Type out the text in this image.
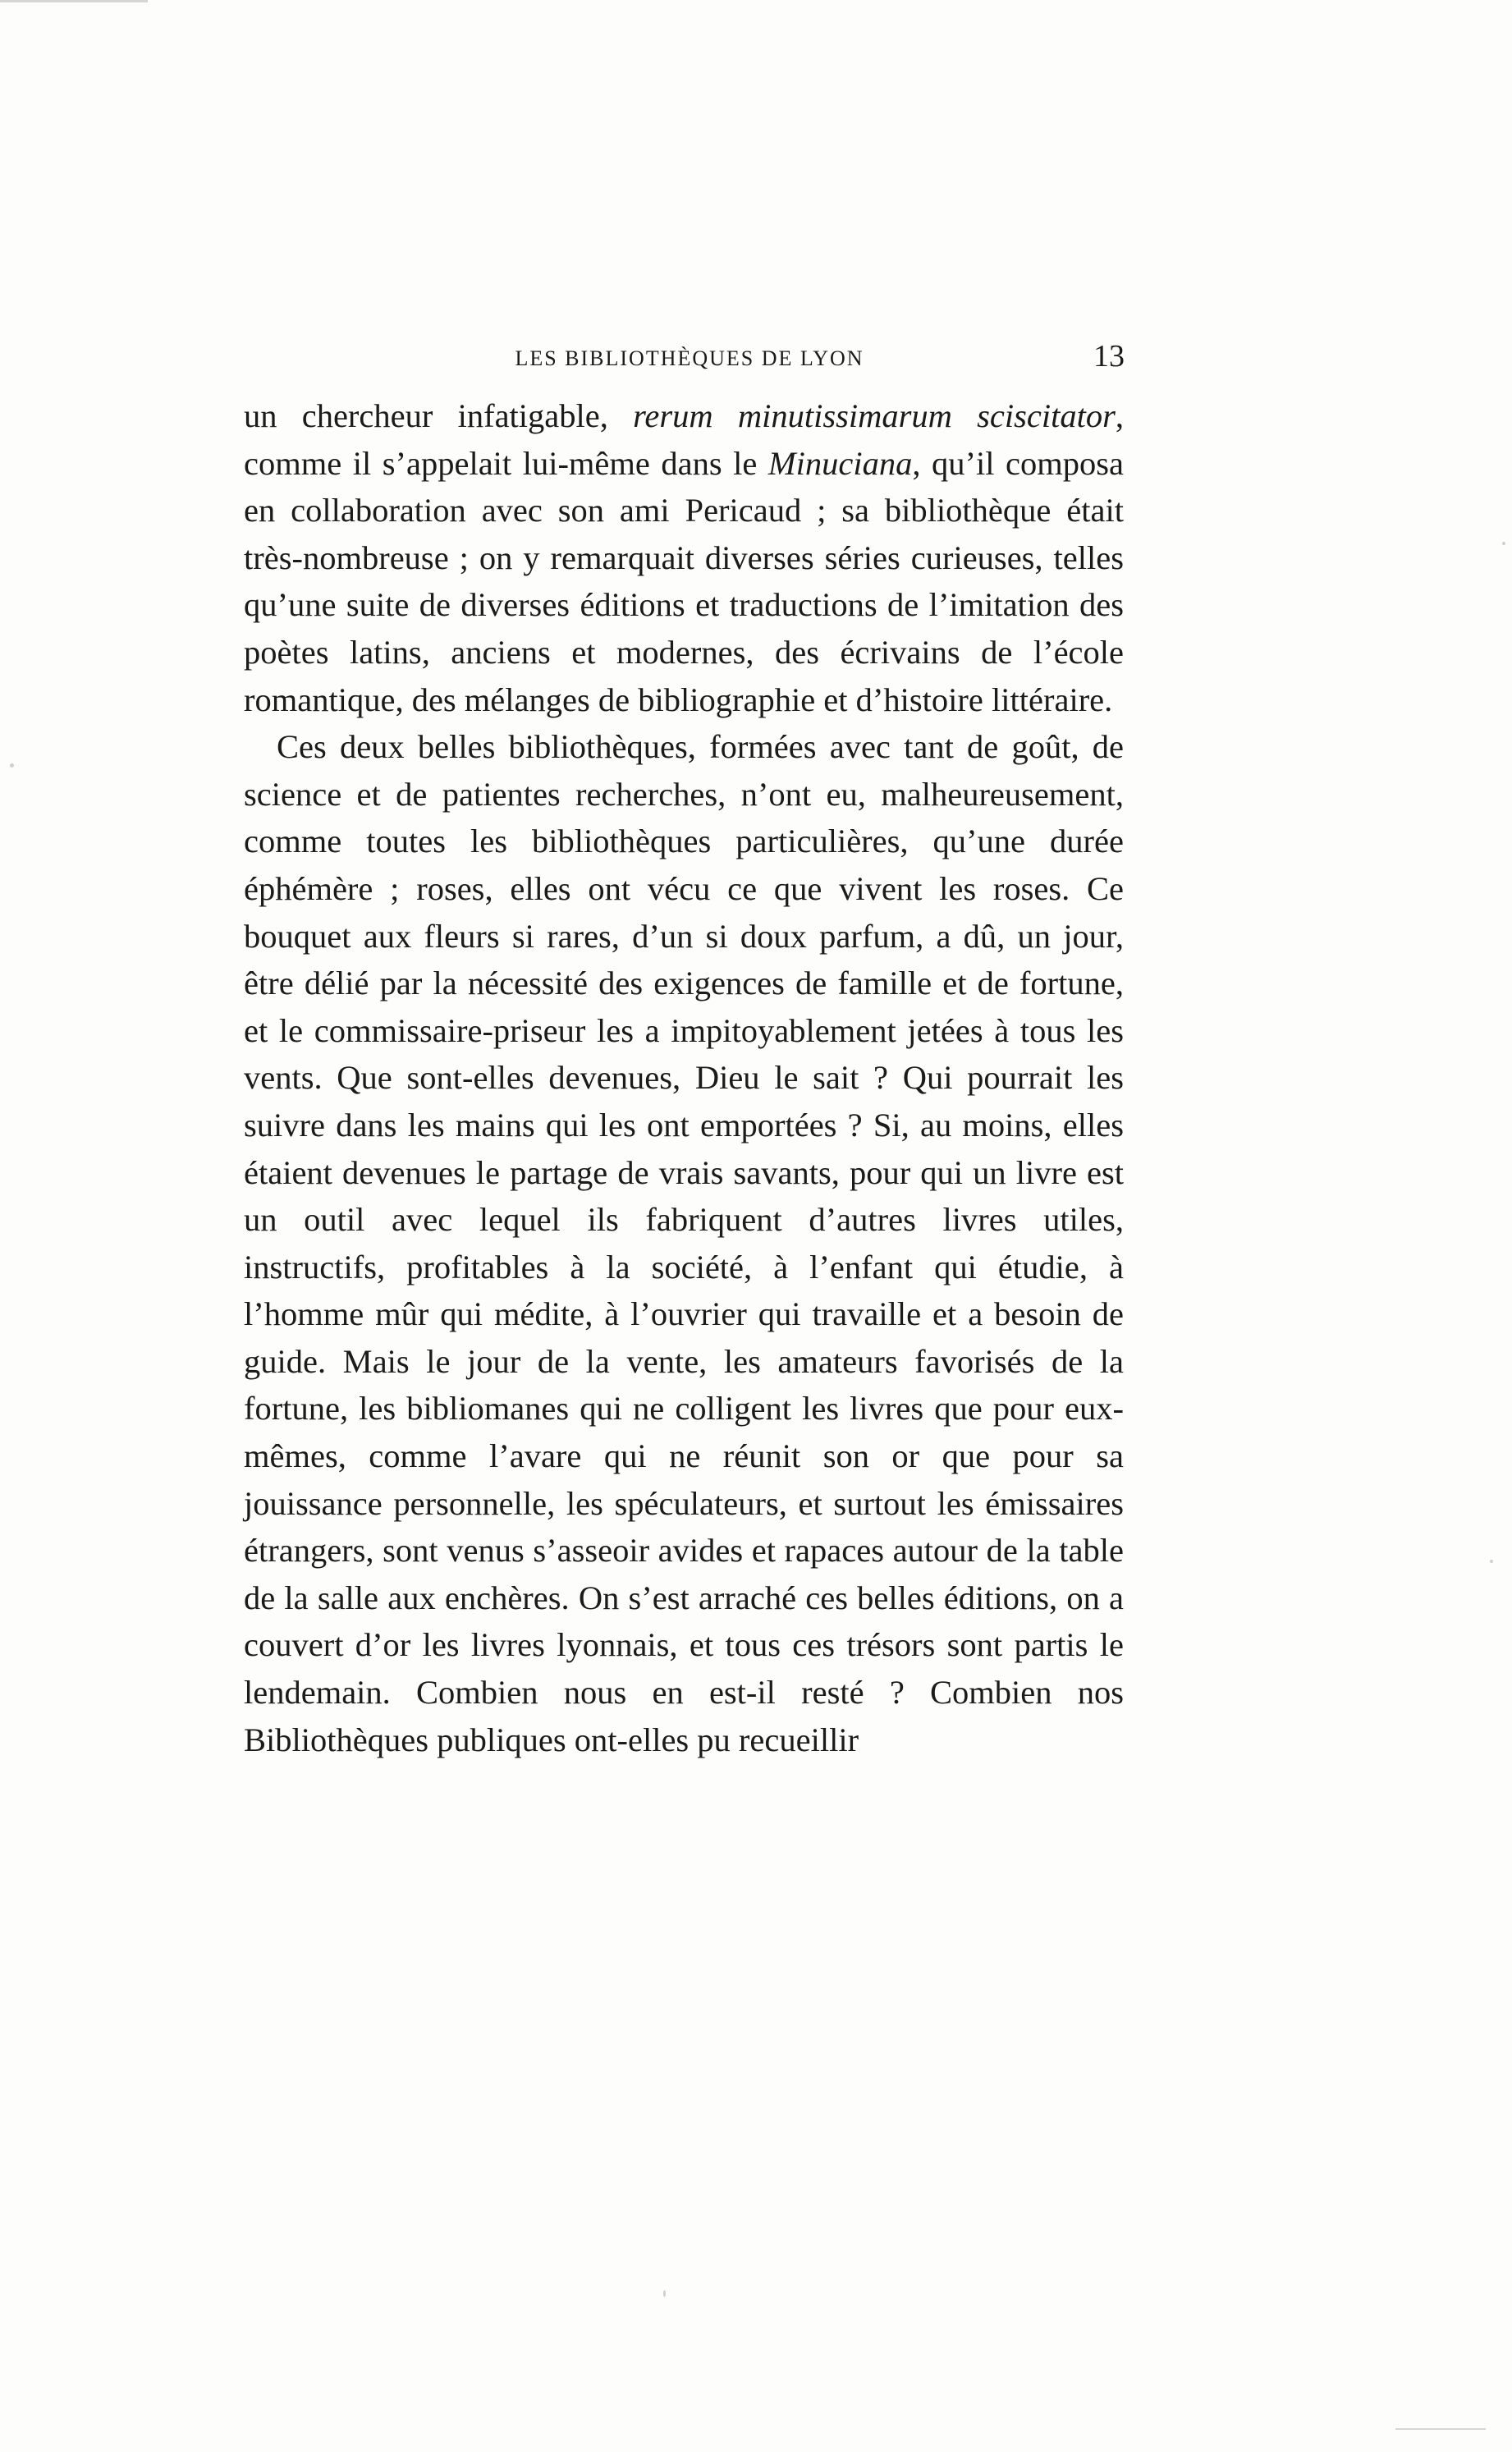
LES BIBLIOTHÈQUES DE LYON	13

un chercheur infatigable, rerum minutissimarum sciscitator, comme il s’appelait lui-même dans le Minuciana, qu’il composa en collaboration avec son ami Pericaud ; sa bibliothèque était très-nombreuse ; on y remarquait diverses séries curieuses, telles qu’une suite de diverses éditions et traductions de l’imitation des poètes latins, anciens et modernes, des écrivains de l’école romantique, des mélanges de bibliographie et d’histoire littéraire.

Ces deux belles bibliothèques, formées avec tant de goût, de science et de patientes recherches, n’ont eu, malheureusement, comme toutes les bibliothèques particulières, qu’une durée éphémère ; roses, elles ont vécu ce que vivent les roses. Ce bouquet aux fleurs si rares, d’un si doux parfum, a dû, un jour, être délié par la nécessité des exigences de famille et de fortune, et le commissaire-priseur les a impitoyablement jetées à tous les vents. Que sont-elles devenues, Dieu le sait ? Qui pourrait les suivre dans les mains qui les ont emportées ? Si, au moins, elles étaient devenues le partage de vrais savants, pour qui un livre est un outil avec lequel ils fabriquent d’autres livres utiles, instructifs, profitables à la société, à l’enfant qui étudie, à l’homme mûr qui médite, à l’ouvrier qui travaille et a besoin de guide. Mais le jour de la vente, les amateurs favorisés de la fortune, les bibliomanes qui ne colligent les livres que pour eux-mêmes, comme l’avare qui ne réunit son or que pour sa jouissance personnelle, les spéculateurs, et surtout les émissaires étrangers, sont venus s’asseoir avides et rapaces autour de la table de la salle aux enchères. On s’est arraché ces belles éditions, on a couvert d’or les livres lyonnais, et tous ces trésors sont partis le lendemain. Combien nous en est-il resté ? Combien nos Bibliothèques publiques ont-elles pu recueillir
